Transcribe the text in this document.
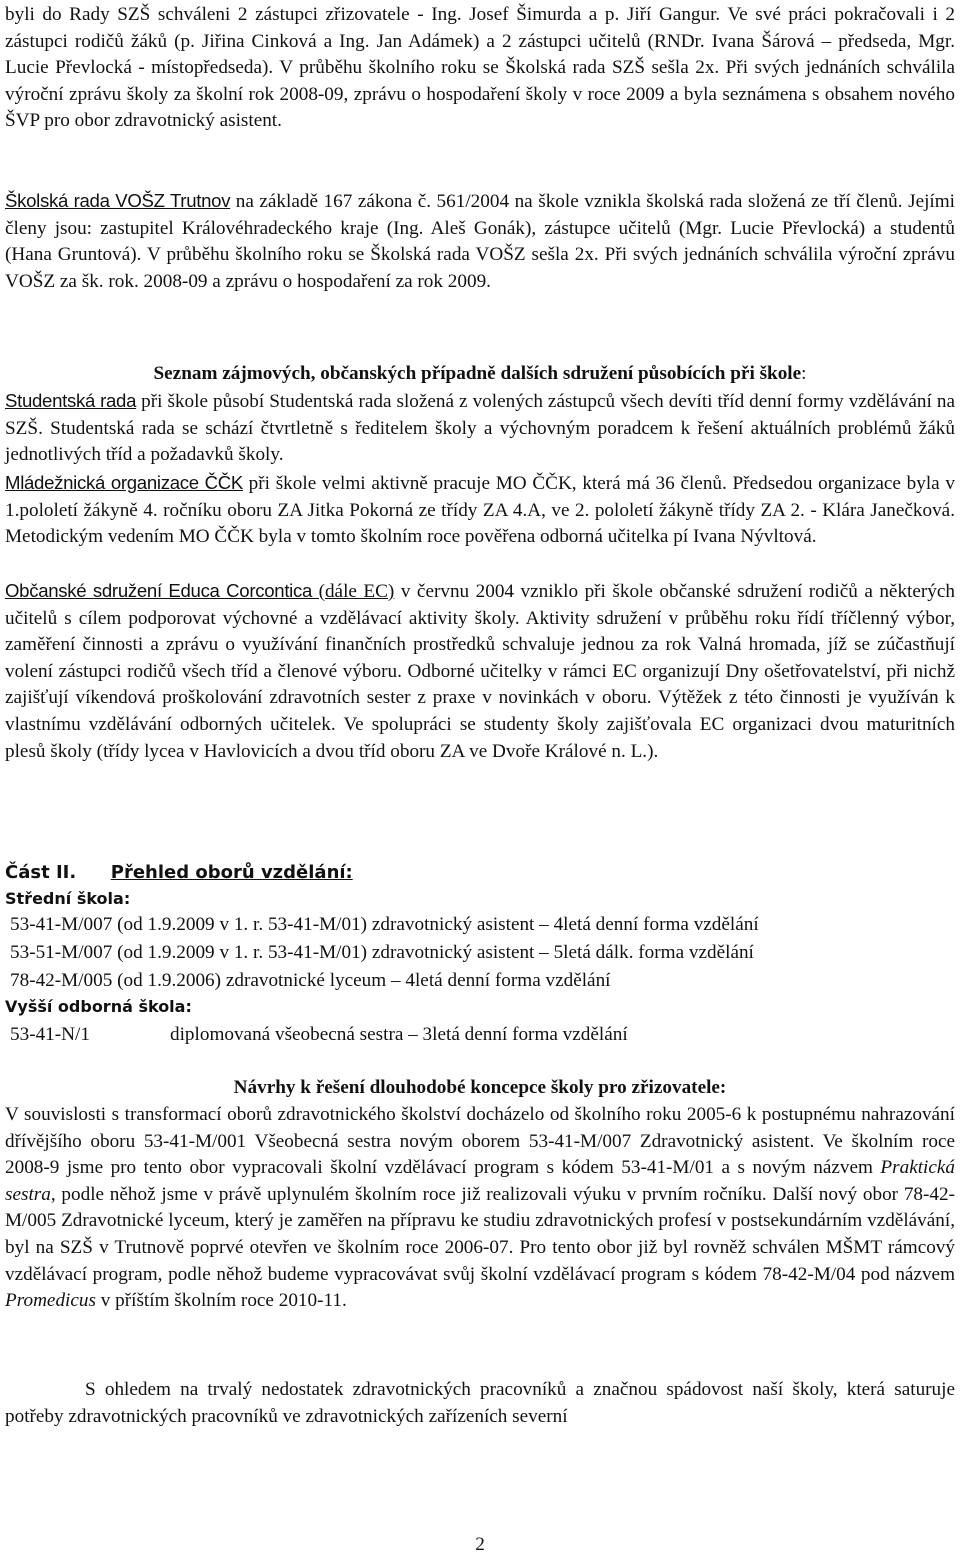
byli do Rady SZŠ schváleni 2 zástupci zřizovatele - Ing. Josef Šimurda a p. Jiří Gangur. Ve své práci pokračovali i 2 zástupci rodičů žáků (p. Jiřina Cinková a Ing. Jan Adámek) a 2 zástupci učitelů (RNDr. Ivana Šárová – předseda, Mgr. Lucie Převlocká - místopředseda). V průběhu školního roku se Školská rada SZŠ sešla 2x. Při svých jednáních schválila výroční zprávu školy za školní rok 2008-09, zprávu o hospodaření školy v roce 2009 a byla seznámena s obsahem nového ŠVP pro obor zdravotnický asistent.

Školská rada VOŠZ Trutnov na základě 167 zákona č. 561/2004 na škole vznikla školská rada složená ze tří členů. Jejími členy jsou: zastupitel Královéhradeckého kraje (Ing. Aleš Gonák), zástupce učitelů (Mgr. Lucie Převlocká) a studentů (Hana Gruntová). V průběhu školního roku se Školská rada VOŠZ sešla 2x. Při svých jednáních schválila výroční zprávu VOŠZ za šk. rok. 2008-09 a zprávu o hospodaření za rok 2009.

Seznam zájmových, občanských případně dalších sdružení působících při škole:

Studentská rada při škole působí Studentská rada složená z volených zástupců všech devíti tříd denní formy vzdělávání na SZŠ. Studentská rada se schází čtvrtletně s ředitelem školy a výchovným poradcem k řešení aktuálních problémů žáků jednotlivých tříd a požadavků školy.

Mládežnická organizace ČČK při škole velmi aktivně pracuje MO ČČK, která má 36 členů. Předsedou organizace byla v 1.pololetí žákyně 4. ročníku oboru ZA Jitka Pokorná ze třídy ZA 4.A, ve 2. pololetí žákyně třídy ZA 2. - Klára Janečková. Metodickým vedením MO ČČK byla v tomto školním roce pověřena odborná učitelka pí Ivana Nývltová.

Občanské sdružení Educa Corcontica (dále EC) v červnu 2004 vzniklo při škole občanské sdružení rodičů a některých učitelů s cílem podporovat výchovné a vzdělávací aktivity školy. Aktivity sdružení v průběhu roku řídí tříčlenný výbor, zaměření činnosti a zprávu o využívání finančních prostředků schvaluje jednou za rok Valná hromada, jíž se zúčastňují volení zástupci rodičů všech tříd a členové výboru. Odborné učitelky v rámci EC organizují Dny ošetřovatelství, při nichž zajišťují víkendová proškolování zdravotních sester z praxe v novinkách v oboru. Výtěžek z této činnosti je využíván k vlastnímu vzdělávání odborných učitelek. Ve spolupráci se studenty školy zajišťovala EC organizaci dvou maturitních plesů školy (třídy lycea v Havlovicích a dvou tříd oboru ZA ve Dvoře Králové n. L.).

Část II. Přehled oborů vzdělání:
Střední škola:
53-41-M/007 (od 1.9.2009 v 1. r. 53-41-M/01) zdravotnický asistent – 4letá denní forma vzdělání
53-51-M/007 (od 1.9.2009 v 1. r. 53-41-M/01) zdravotnický asistent – 5letá dálk. forma vzdělání
78-42-M/005 (od 1.9.2006) zdravotnické lyceum – 4letá denní forma vzdělání
Vyšší odborná škola:
53-41-N/1	diplomovaná všeobecná sestra – 3letá denní forma vzdělání
Návrhy k řešení dlouhodobé koncepce školy pro zřizovatele:

V souvislosti s transformací oborů zdravotnického školství docházelo od školního roku 2005-6 k postupnému nahrazování dřívějšího oboru 53-41-M/001 Všeobecná sestra novým oborem 53-41-M/007 Zdravotnický asistent. Ve školním roce 2008-9 jsme pro tento obor vypracovali školní vzdělávací program s kódem 53-41-M/01 a s novým názvem Praktická sestra, podle něhož jsme v právě uplynulém školním roce již realizovali výuku v prvním ročníku. Další nový obor 78-42-M/005 Zdravotnické lyceum, který je zaměřen na přípravu ke studiu zdravotnických profesí v postsekundárním vzdělávání, byl na SZŠ v Trutnově poprvé otevřen ve školním roce 2006-07. Pro tento obor již byl rovněž schválen MŠMT rámcový vzdělávací program, podle něhož budeme vypracovávat svůj školní vzdělávací program s kódem 78-42-M/04 pod názvem Promedicus v příštím školním roce 2010-11.

S ohledem na trvalý nedostatek zdravotnických pracovníků a značnou spádovost naší školy, která saturuje potřeby zdravotnických pracovníků ve zdravotnických zařízeních severní

2
